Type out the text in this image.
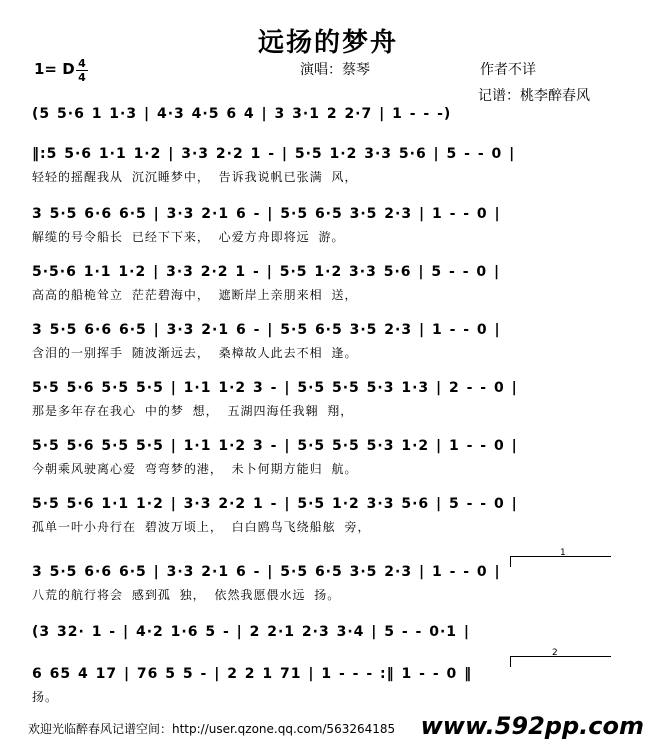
远扬的梦舟
1= D 4
4	演唱：蔡琴	作者不详
记谱：桃李醉春风
(5 5·6 1 1·3 | 4·3 4·5 6 4 | 3 3·1 2 2·7 | 1 - - -)
‖:5 5·6 1·1 1·2 | 3·3 2·2 1 - | 5·5 1·2 3·3 5·6 | 5 - - 0 |
轻轻的摇醒我从 沉沉睡梦中， 告诉我说帆已张满 风，
3 5·5 6·6 6·5 | 3·3 2·1 6 - | 5·5 6·5 3·5 2·3 | 1 - - 0 |
解缆的号令船长 已经下下来， 心爱方舟即将远 游。
5·5·6 1·1 1·2 | 3·3 2·2 1 - | 5·5 1·2 3·3 5·6 | 5 - - 0 |
高高的船桅耸立 茫茫碧海中， 遮断岸上亲朋来相 送，
3 5·5 6·6 6·5 | 3·3 2·1 6 - | 5·5 6·5 3·5 2·3 | 1 - - 0 |
含泪的一别挥手 随波渐远去， 桑樟故人此去不相 逢。
5·5 5·6 5·5 5·5 | 1·1 1·2 3 - | 5·5 5·5 5·3 1·3 | 2 - - 0 |
那是多年存在我心 中的梦 想， 五湖四海任我翱 翔，
5·5 5·6 5·5 5·5 | 1·1 1·2 3 - | 5·5 5·5 5·3 1·2 | 1 - - 0 |
今朝乘风驶离心爱 弯弯梦的港， 未卜何期方能归 航。
5·5 5·6 1·1 1·2 | 3·3 2·2 1 - | 5·5 1·2 3·3 5·6 | 5 - - 0 |
孤单一叶小舟行在 碧波万顷上， 白白鸥鸟飞绕船舷 旁，
3 5·5 6·6 6·5 | 3·3 2·1 6 - | 5·5 6·5 3·5 2·3 | 1 - - 0 |
八荒的航行将会 感到孤 独， 依然我愿偎水远 扬。
(3 32· 1 - | 4·2 1·6 5 - | 2 2·1 2·3 3·4 | 5 - - 0·1 |
6 65 4 17 | 76 5 5 - | 2 2 1 71 | 1 - - - :‖ 1 - - 0 ‖
扬。
1
2
欢迎光临醉春风记谱空间：http://user.qzone.qq.com/563264185 www.592pp.com
